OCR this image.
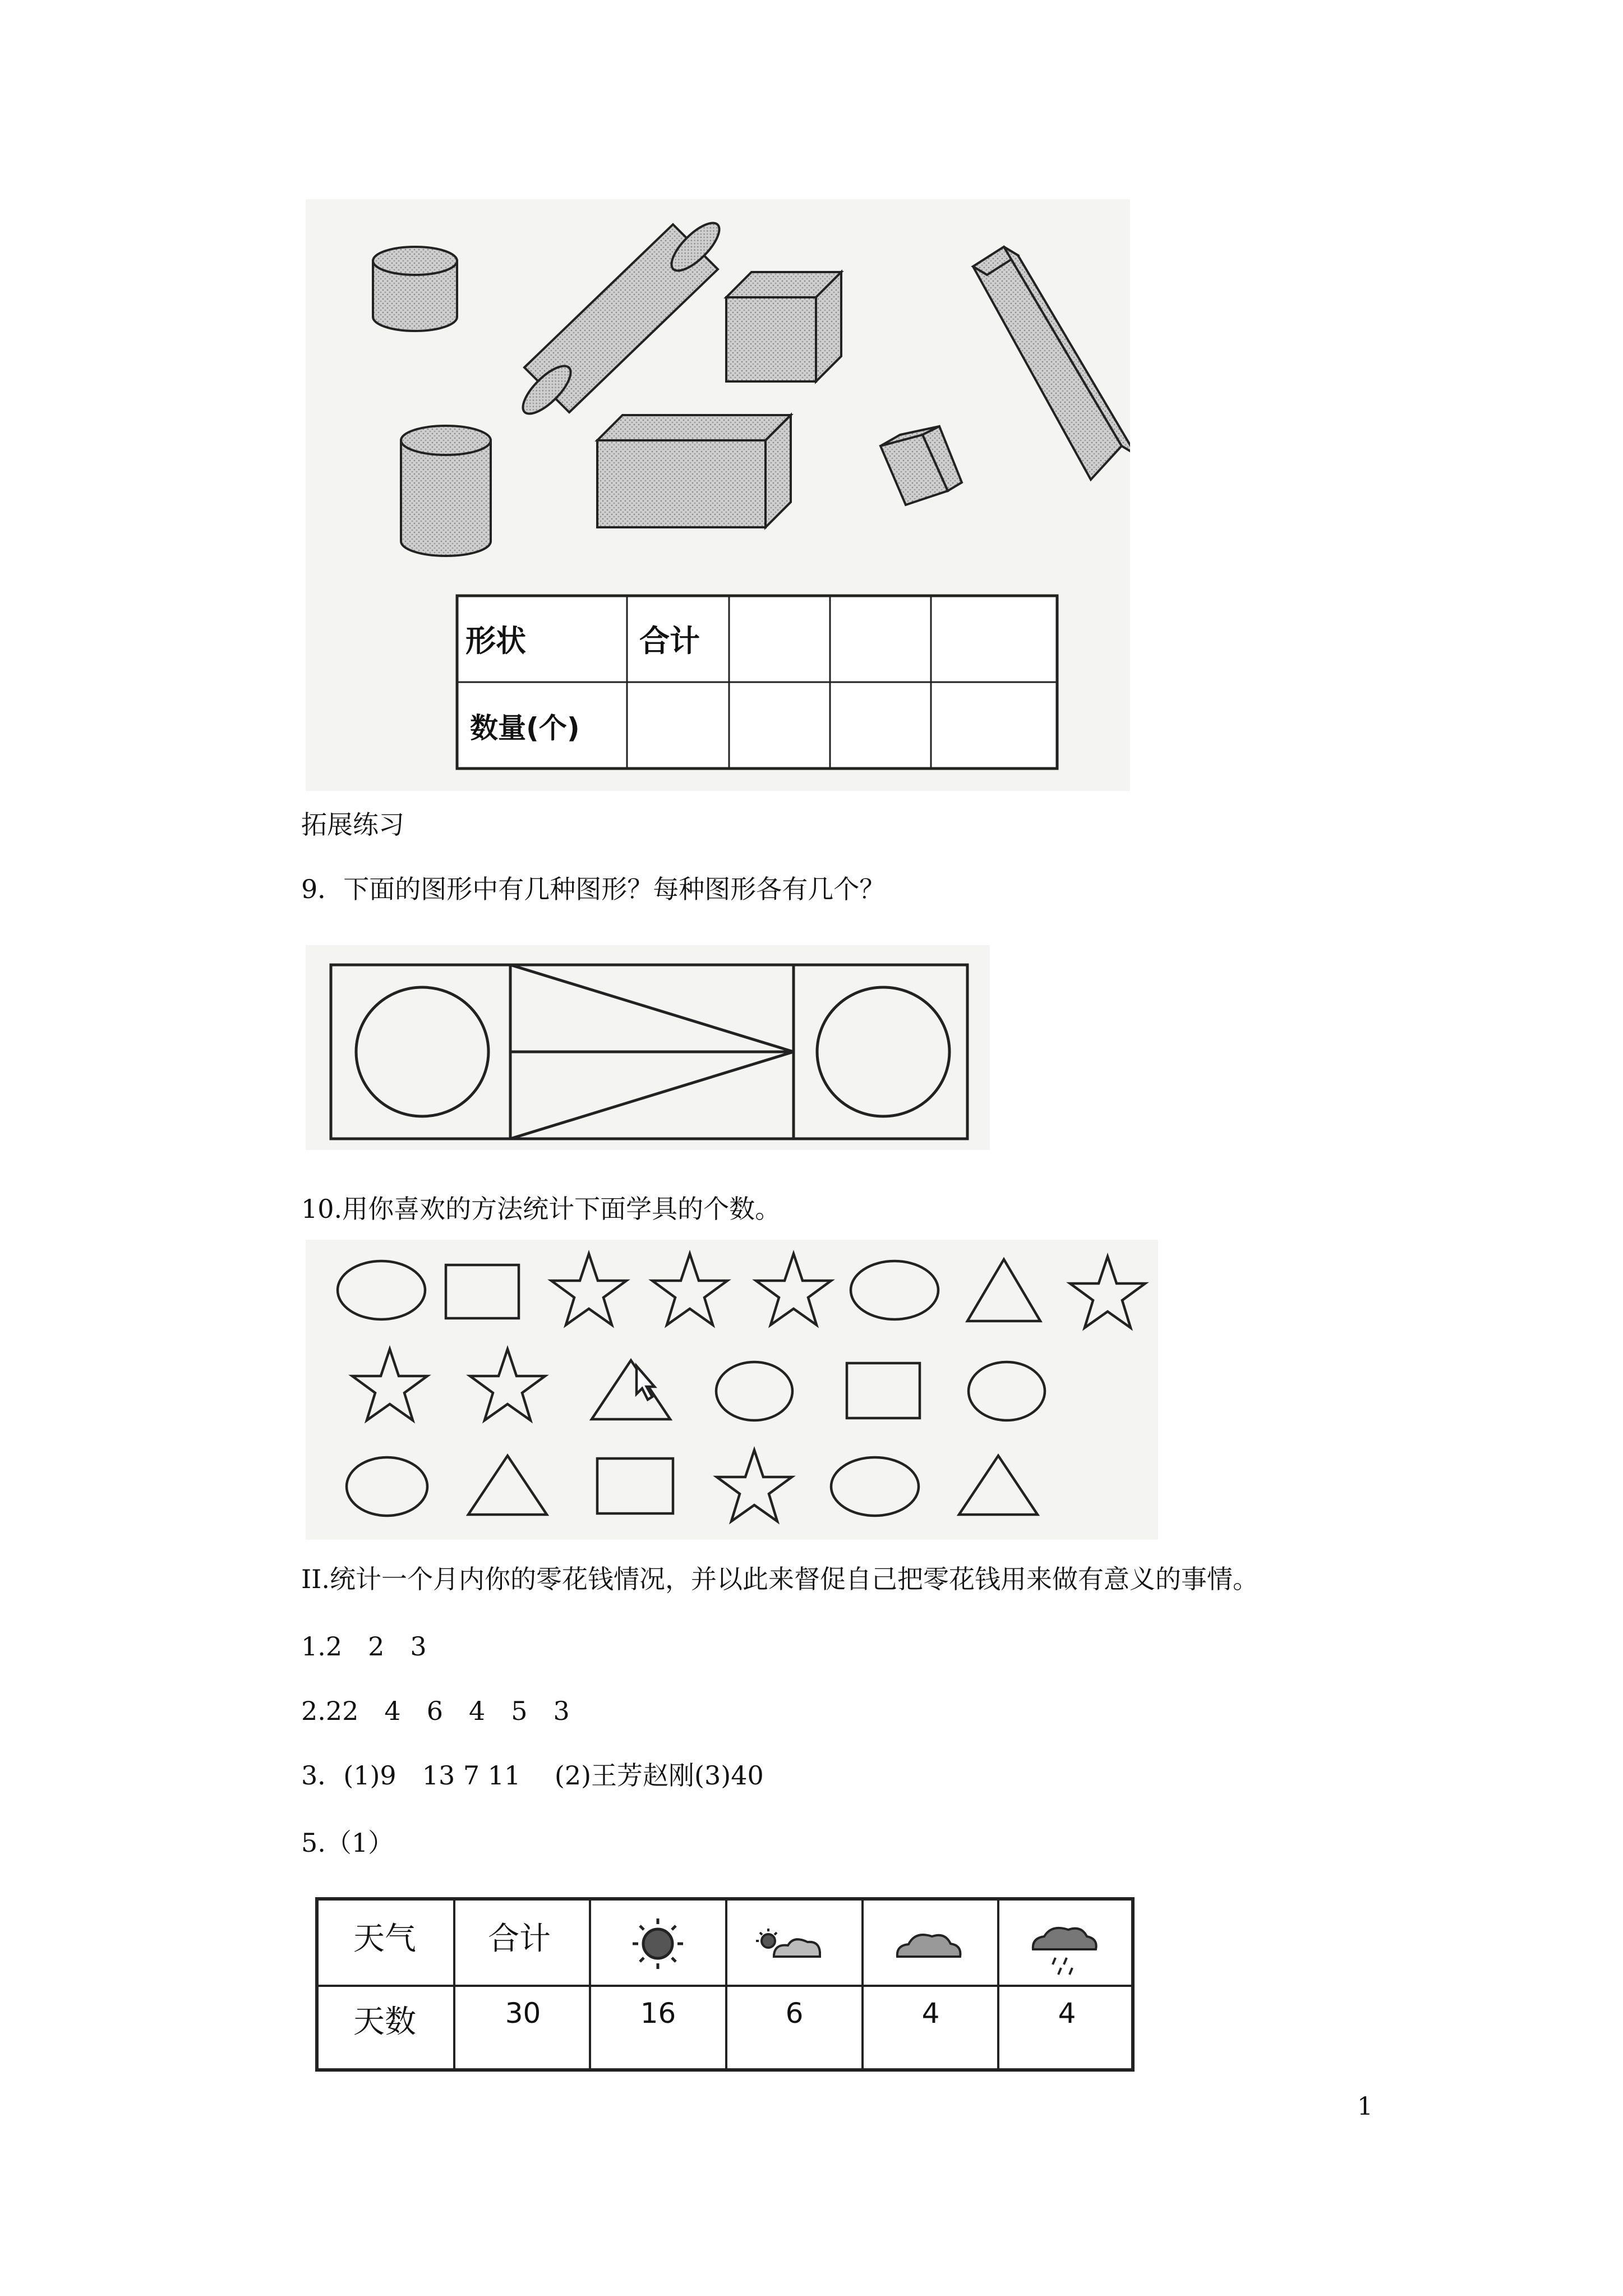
形状	合计
数量(个)
拓展练习
9．下面的图形中有几种图形？每种图形各有几个？
10.用你喜欢的方法统计下面学具的个数。
II.统计一个月内你的零花钱情况，并以此来督促自己把零花钱用来做有意义的事情。
1.2　2　3
2.22　4　6　4　5　3
3．(1)9　13 7 11　 (2)王芳赵刚(3)40
5.（1）
天气 合计
天数	30	16	6	4	4
1
